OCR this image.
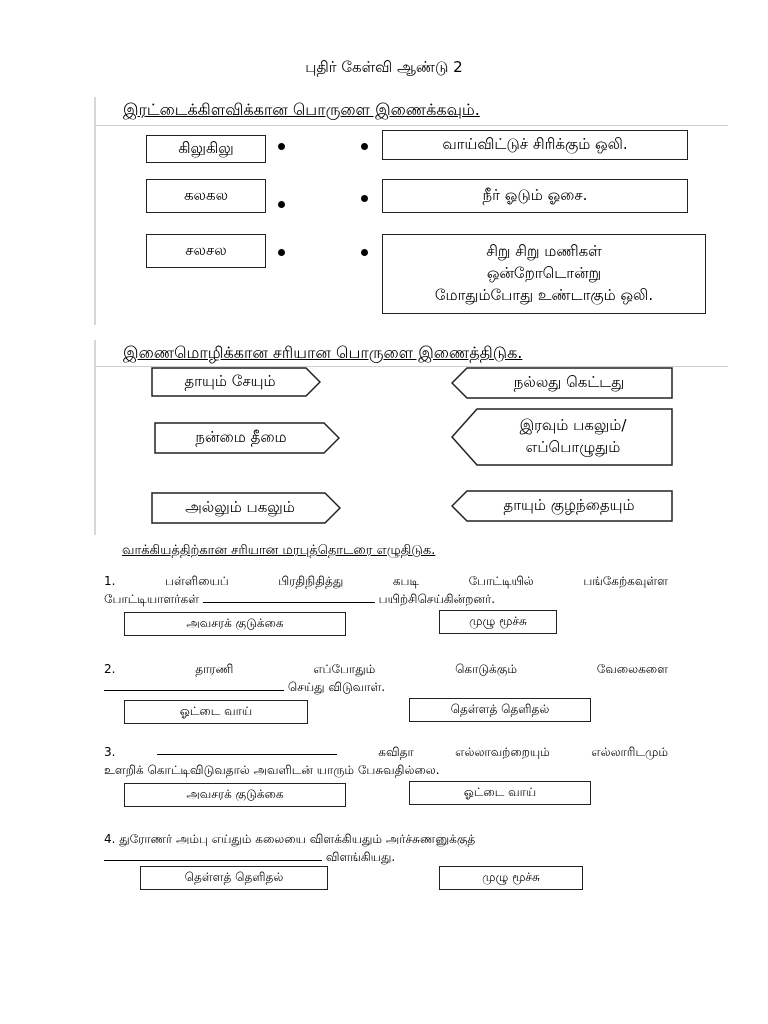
புதிர் கேள்வி ஆண்டு 2
இரட்டைக்கிளவிக்கான பொருளை இணைக்கவும்.
கிலுகிலு
கலகல
சலசல
வாய்விட்டுச் சிரிக்கும் ஒலி.
நீர் ஓடும் ஓசை.
சிறு சிறு மணிகள்
ஒன்றோடொன்று
மோதும்போது உண்டாகும் ஒலி.
இணைமொழிக்கான சரியான பொருளை இணைத்திடுக.
தாயும் சேயும்
நன்மை தீமை
அல்லும் பகலும்
நல்லது கெட்டது
இரவும் பகலும்/
எப்பொழுதும்
தாயும் குழந்தையும்
வாக்கியத்திற்கான சரியான மரபுத்தொடரை எழுதிடுக.
1.	பள்ளியைப்	பிரதிநிதித்து	கபடி	போட்டியில்	பங்கேற்கவுள்ள
போட்டியாளர்கள்	பயிற்சிசெய்கின்றனர்.
அவசரக் குடுக்கை	முழு மூச்சு
2.	தாரணி	எப்போதும்	கொடுக்கும்	வேலைகளை
செய்து விடுவாள்.
ஓட்டை வாய்	தெள்ளத் தெளிதல்
3.	கவிதா	எல்லாவற்றையும்	எல்லாரிடமும்
உளறிக் கொட்டிவிடுவதால் அவளிடன் யாரும் பேசுவதில்லை.
அவசரக் குடுக்கை	ஓட்டை வாய்
4. துரோணர் அம்பு எய்தும் கலையை விளக்கியதும் அர்ச்சுணனுக்குத்
விளங்கியது.
தெள்ளத் தெளிதல்	முழு மூச்சு
